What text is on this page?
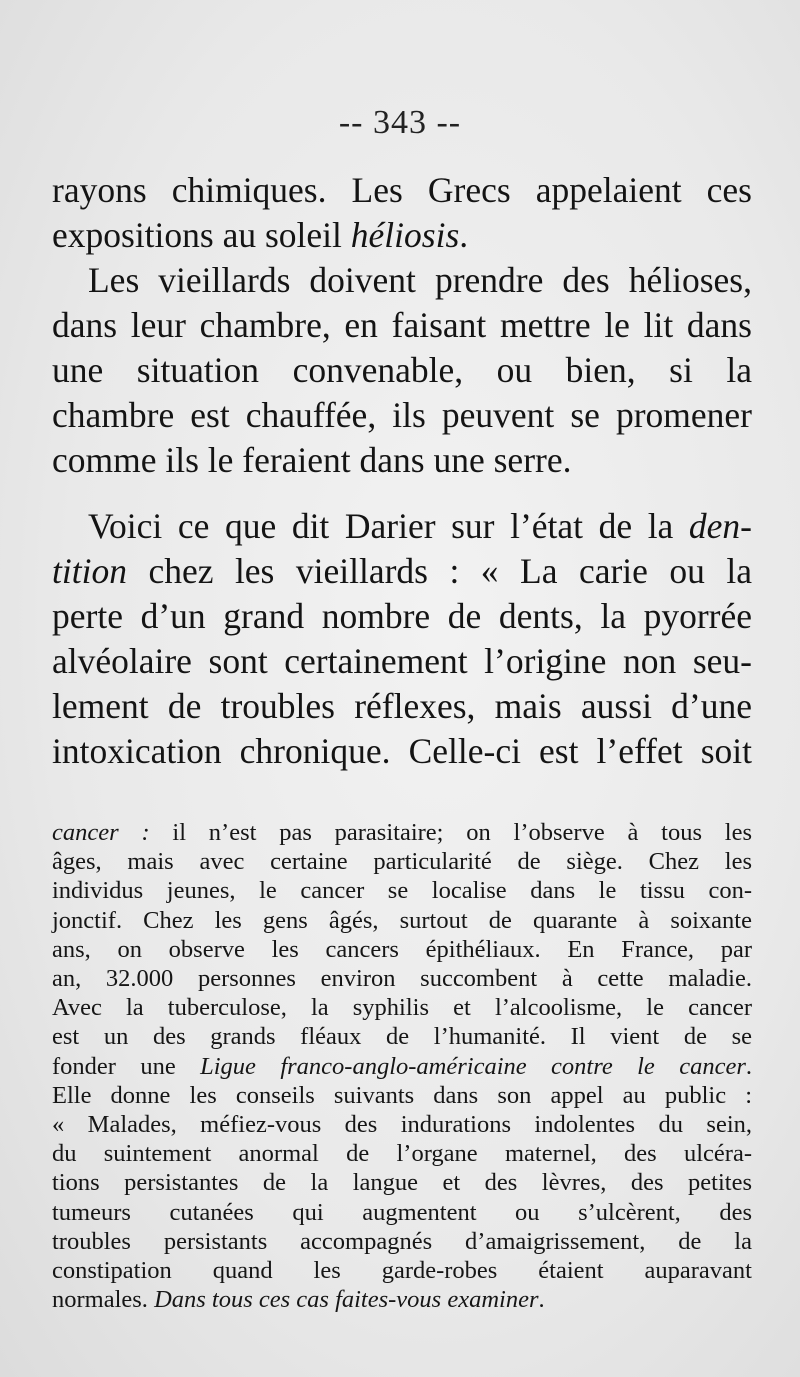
-- 343 --
rayons chimiques. Les Grecs appelaient ces
expositions au soleil héliosis.
Les vieillards doivent prendre des hélioses,
dans leur chambre, en faisant mettre le lit dans
une situation convenable, ou bien, si la
chambre est chauffée, ils peuvent se promener
comme ils le feraient dans une serre.
Voici ce que dit Darier sur l’état de la den-
tition chez les vieillards : « La carie ou la
perte d’un grand nombre de dents, la pyorrée
alvéolaire sont certainement l’origine non seu-
lement de troubles réflexes, mais aussi d’une
intoxication chronique. Celle-ci est l’effet soit
cancer : il n’est pas parasitaire; on l’observe à tous les
âges, mais avec certaine particularité de siège. Chez les
individus jeunes, le cancer se localise dans le tissu con-
jonctif. Chez les gens âgés, surtout de quarante à soixante
ans, on observe les cancers épithéliaux. En France, par
an, 32.000 personnes environ succombent à cette maladie.
Avec la tuberculose, la syphilis et l’alcoolisme, le cancer
est un des grands fléaux de l’humanité. Il vient de se
fonder une Ligue franco-anglo-américaine contre le cancer.
Elle donne les conseils suivants dans son appel au public :
« Malades, méfiez-vous des indurations indolentes du sein,
du suintement anormal de l’organe maternel, des ulcéra-
tions persistantes de la langue et des lèvres, des petites
tumeurs cutanées qui augmentent ou s’ulcèrent, des
troubles persistants accompagnés d’amaigrissement, de la
constipation quand les garde-robes étaient auparavant
normales. Dans tous ces cas faites-vous examiner.
